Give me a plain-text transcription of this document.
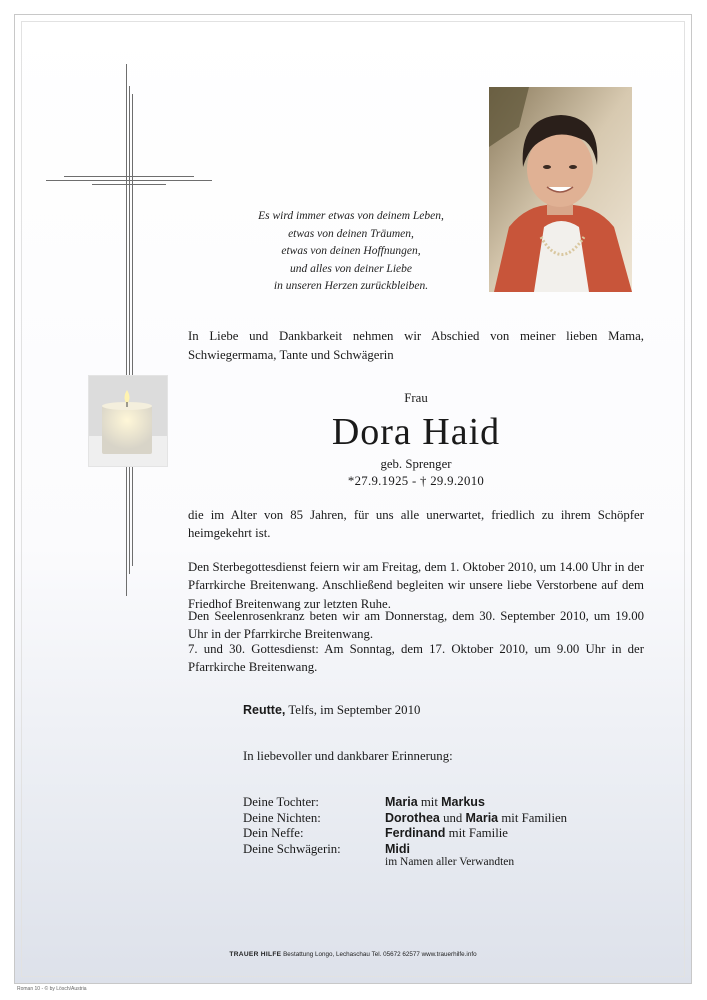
Es wird immer etwas von deinem Leben,
etwas von deinen Träumen,
etwas von deinen Hoffnungen,
und alles von deiner Liebe
in unseren Herzen zurückbleiben.
In Liebe und Dankbarkeit nehmen wir Abschied von meiner lieben Mama, Schwiegermama, Tante und Schwägerin
Frau
Dora Haid
geb. Sprenger
*27.9.1925 - † 29.9.2010
die im Alter von 85 Jahren, für uns alle unerwartet, friedlich zu ihrem Schöpfer heimgekehrt ist.
Den Sterbegottesdienst feiern wir am Freitag, dem 1. Oktober 2010, um 14.00 Uhr in der Pfarrkirche Breitenwang. Anschließend begleiten wir unsere liebe Verstorbene auf dem Friedhof Breitenwang zur letzten Ruhe.
Den Seelenrosenkranz beten wir am Donnerstag, dem 30. September 2010, um 19.00 Uhr in der Pfarrkirche Breitenwang.
7. und 30. Gottesdienst: Am Sonntag, dem 17. Oktober 2010, um 9.00 Uhr in der Pfarrkirche Breitenwang.
Reutte, Telfs, im September 2010
In liebevoller und dankbarer Erinnerung:
Deine Tochter:	Maria mit Markus
Deine Nichten:	Dorothea und Maria mit Familien
Dein Neffe:	Ferdinand mit Familie
Deine Schwägerin:	Midi
im Namen aller Verwandten
TRAUER HILFE Bestattung Longo, Lechaschau Tel. 05672 62577 www.trauerhilfe.info
Roman 10 - © by Lösch/Austria
